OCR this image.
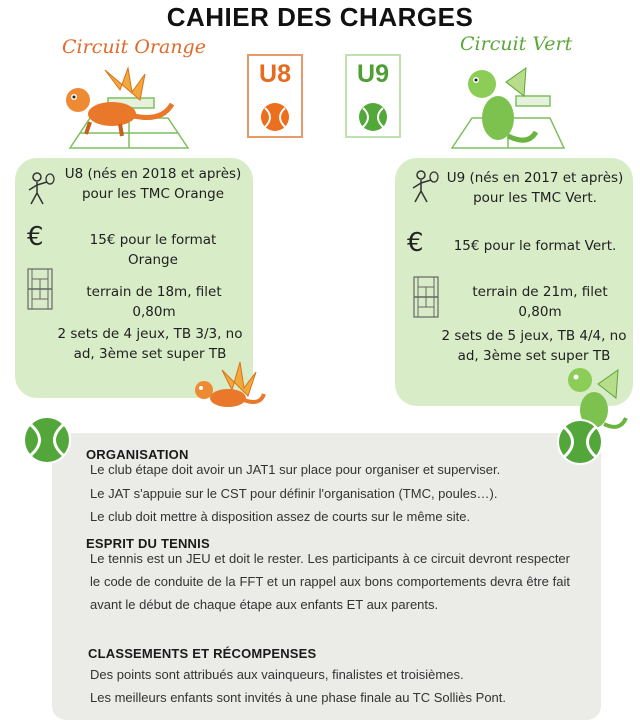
CAHIER DES CHARGES
Circuit Orange	Circuit Vert
U8	U9
U8 (nés en 2018 et après) pour les TMC Orange
€	15€ pour le format Orange
terrain de 18m, filet 0,80m
2 sets de 4 jeux, TB 3/3, no ad, 3ème set super TB
U9 (nés en 2017 et après) pour les TMC Vert.
€	15€ pour le format Vert.
terrain de 21m, filet 0,80m
2 sets de 5 jeux, TB 4/4, no ad, 3ème set super TB
ORGANISATION
Le club étape doit avoir un JAT1 sur place pour organiser et superviser.
Le JAT s'appuie sur le CST pour définir l'organisation (TMC, poules…).
Le club doit mettre à disposition assez de courts sur le même site.
ESPRIT DU TENNIS
Le tennis est un JEU et doit le rester. Les participants à ce circuit devront respecter le code de conduite de la FFT et un rappel aux bons comportements devra être fait avant le début de chaque étape aux enfants ET aux parents.
CLASSEMENTS ET RÉCOMPENSES
Des points sont attribués aux vainqueurs, finalistes et troisièmes.
Les meilleurs enfants sont invités à une phase finale au TC Solliès Pont.
